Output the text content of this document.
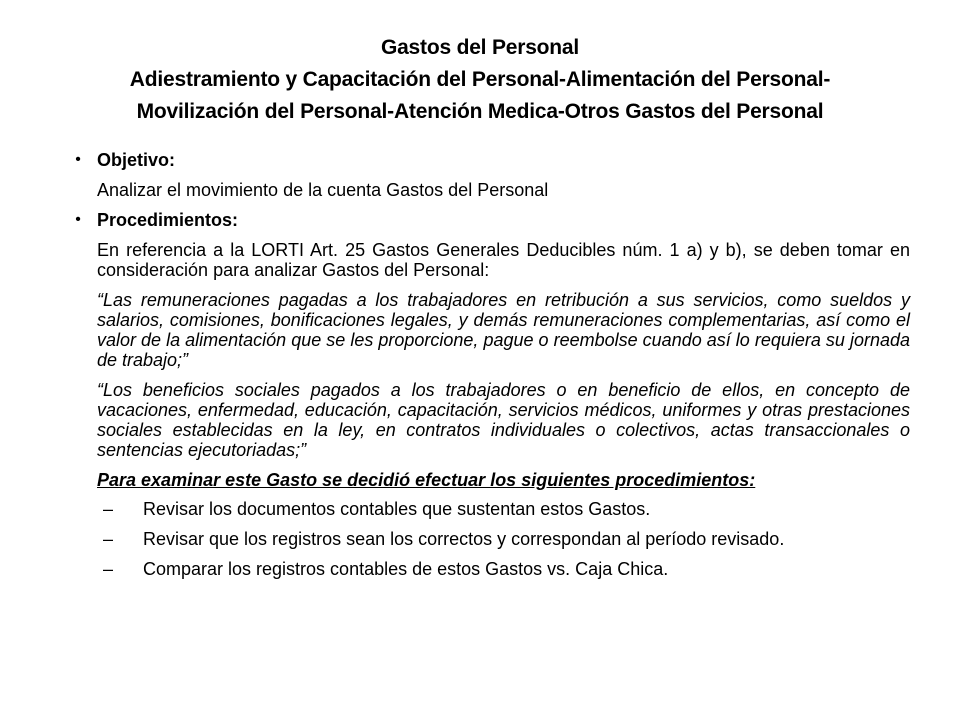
Gastos del Personal
Adiestramiento y Capacitación del Personal-Alimentación del Personal-
Movilización del Personal-Atención Medica-Otros Gastos del Personal
• Objetivo:
Analizar el movimiento de la cuenta Gastos del Personal
• Procedimientos:
En referencia a la LORTI Art. 25 Gastos Generales Deducibles núm. 1 a) y b), se deben tomar en consideración para analizar Gastos del Personal:
“Las remuneraciones pagadas a los trabajadores en retribución a sus servicios, como sueldos y salarios, comisiones, bonificaciones legales, y demás remuneraciones complementarias, así como el valor de la alimentación que se les proporcione, pague o reembolse cuando así lo requiera su jornada de trabajo;”
“Los beneficios sociales pagados a los trabajadores o en beneficio de ellos, en concepto de vacaciones, enfermedad, educación, capacitación, servicios médicos, uniformes y otras prestaciones sociales establecidas en la ley, en contratos individuales o colectivos, actas transaccionales o sentencias ejecutoriadas;”
Para examinar este Gasto se decidió efectuar los siguientes procedimientos:
–	Revisar los documentos contables que sustentan estos Gastos.
–	Revisar que los registros sean los correctos y correspondan al período revisado.
–	Comparar los registros contables de estos Gastos vs. Caja Chica.
